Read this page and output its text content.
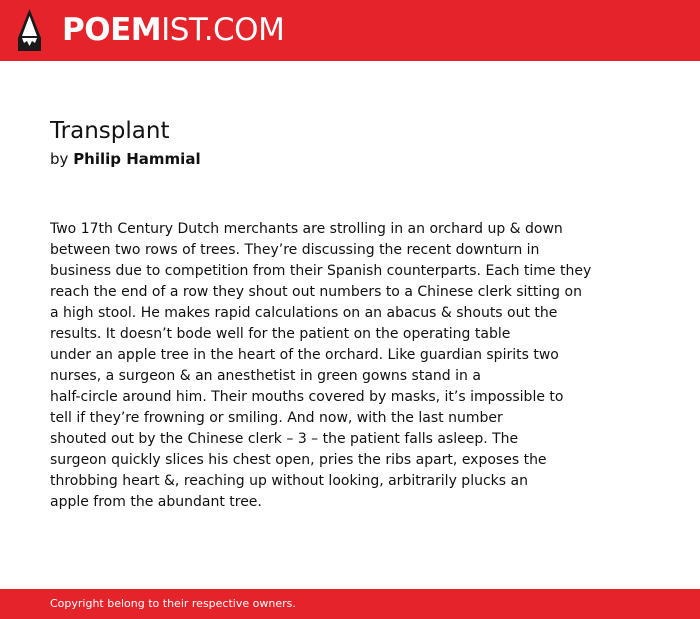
POEMIST.COM
Transplant
by Philip Hammial
Two 17th Century Dutch merchants are strolling in an orchard up & down
between two rows of trees. They’re discussing the recent downturn in
business due to competition from their Spanish counterparts. Each time they
reach the end of a row they shout out numbers to a Chinese clerk sitting on
a high stool. He makes rapid calculations on an abacus & shouts out the
results. It doesn’t bode well for the patient on the operating table
under an apple tree in the heart of the orchard. Like guardian spirits two
nurses, a surgeon & an anesthetist in green gowns stand in a
half-circle around him. Their mouths covered by masks, it’s impossible to
tell if they’re frowning or smiling. And now, with the last number
shouted out by the Chinese clerk – 3 – the patient falls asleep. The
surgeon quickly slices his chest open, pries the ribs apart, exposes the
throbbing heart &, reaching up without looking, arbitrarily plucks an
apple from the abundant tree.
Copyright belong to their respective owners.
